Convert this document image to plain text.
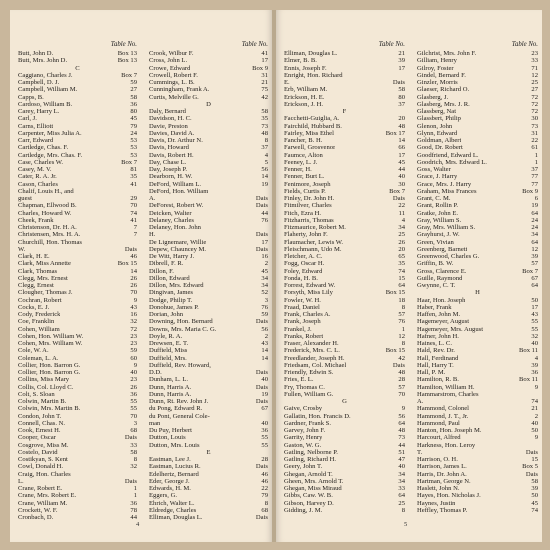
Table No.
Butt, John D.	Box 13
Butt, Mrs. John D.	Box 13
C
Caggiano, Charles J.	Box 7
Campbell, D. J.	59
Campbell, William M.	27
Capps, B.	58
Cardoso, William B.	36
Carey, Harry L.	80
Carl, J.	45
Carns, Elliott	79
Carpenter, Miss Julia A.	24
Carr, Edward	53
Cartledge, Chas. F.	53
Cartledge, Mrs. Chas. F.	53
Case, Charles W.	Box 7
Casey, M. V.	81
Cater, R. A. Jr.	35
Cason, Charles	41
Chalif, Louis H., and
guest	29
Chapman, Ellwood B.	70
Charles, Howard W.	74
Cheek, Frank	41
Christenson, Dr. H. A.	7
Christensen, Mrs. H. A.	7
Churchill, Hon. Thomas
W.	Dais
Clark, H. E.	46
Clark, Miss Annette	Box 15
Clark, Thomas	14
Clegg, Mrs. Ernest	26
Clegg, Ernest	26
Clougher, Thomas J.	70
Cochran, Robert	9
Cocks, E. J.	43
Cody, Frederick	16
Coe, Franklin	32
Cohen, William	72
Cohen, Hon. William W.	23
Cohen, Mrs. William W.	23
Cole, W. A.	59
Coleman, L. A.	60
Collier, Hon. Barron G.	9
Collier, Hon. Barron G.	40
Collins, Miss Mary	23
Collis, Col. Lloyd C.	26
Colt, S. Sloan	36
Colwin, Martin B.	55
Colwin, Mrs. Martin B.	55
Condon, John T.	70
Connell, Chas. N.	3
Cook, Ernest H.	68
Cooper, Oscar	Dais
Cosgrove, Miss M.	33
Costelo, David	58
Costikyan, S. Kent	8
Cowl, Donald H.	32
Craig, Hon. Charles
L.	Dais
Crane, Robert E.	1
Crane, Mrs. Robert E.	1
Crane, William M.	36
Crockett, W. F.	78
Cronbach, D.	44
Table No.
Crook, Wilbur F.	41
Cross, John L.	17
Crowe, Edward	Box 9
Crowell, Robert F.	31
Cummings, L. B.	21
Cunningham, Frank A.	75
Curtis, Melville G.	42
D
Daly, Bernard	58
Davidson, H. C.	35
Davie, Preston	73
Davies, David A.	48
Davis, Dr. Arthur N.	8
Davis, Howard	37
Davis, Robert H.	4
Day, Chase L.	5
Day, Joseph P.	56
Dearborn, H. W.	14
DeFord, William L.	19
DeFord, Hon. William
A.	Dais
DeForest, Robert W.	Dais
Deicken, Walter	44
Delaney, Charles	76
Delaney, Hon. John
H.	Dais
De Lignemare, Willie	17
Depew, Chauncey M.	Dais
De Witt, Harry J.	16
Dibrell, F. R.	2
Dillon, F.	45
Dillon, Edward	34
Dillon, Mrs. Edward	34
Dingivan, James	52
Dodge, Philip T.	3
Donohue, James P.	76
Dorian, John	59
Downing, Hon. Bernard	Dais
Downs, Mrs. Maria C. G.	56
Doyle, R. A.	2
Drewsen, E. T.	43
Duffield, Miss	14
Duffield, Mrs.	14
Duffield, Rev. Howard,
D.D.	Dais
Dunham, L. L.	40
Dunn, Harris A.	Dais
Dunn, Harris A.	19
Dunn, Rt. Rev. John J.	Dais
du Pong, Edward R.	67
du Pont, General Cole-
man	40
Du Puy, Herbert	36
Dutton, Louis	55
Dutton, Mrs. Louis	55
E
Eastman, Lee J.	28
Eastman, Lucius R.	Dais
Edelhertz, Bernard	46
Eder, George J.	46
Edwards, H. M.	22
Eggers, G.	79
Ehrich, Walter L.	8
Eldredge, Charles	68
Elliman, Douglas L.	Dais
4
Table No.
Elliman, Douglas L.	21
Elmer, B. B.	39
Ennis, Joseph F.	17
Enright, Hon. Richard
E.	Dais
Erb, William M.	58
Erickson, H. E.	80
Erickson, J. H.	37
F
Facchetti-Guiglia, A.	20
Fairchild, Hubbard B.	48
Fairley, Miss Ethel	Box 17
Fancher, B. H.	14
Farwell, Grosvenor	66
Faumce, Alton	17
Feeney, L. J.	45
Fenner, H.	44
Fenner, Burt L.	40
Fenimore, Joseph	30
Fields, Curtis P.	Box 7
Finley, Dr. John H.	Dais
Fitmilver, Charles	22
Fitch, Ezra H.	11
Fitzharris, Thomas	4
Fitzmaurice, Robert M.	34
Flaherty, John F.	25
Flaumacher, Lewis W.	26
Fleischmann, Udo M.	20
Fletcher, A. C.	65
Fogg, Oscar H.	35
Foley, Edward	74
Fonda, H. B.	15
Forrest, Edward W.	64
Forsyth, Miss Lily	Box 15
Fowler, W. H.	18
Fraad, Daniel	8
Frank, Charles A.	57
Frank, Joseph	76
Frankel, J.	1
Franks, Robert	12
Fraser, Alexander H.	8
Frederick, Mrs. C. L.	Box 15
Freedlander, Joseph H.	42
Friedsam, Col. Michael	Dais
Friendly, Edwin S.	48
Fries, E. L.	28
Fry, Thomas C.	57
Fullen, William G.	70
G
Gaive, Crosby	9
Gallatin, Hon. Francis D.	56
Gardner, Frank S.	64
Garvey, John F.	48
Garrity, Henry	73
Gaston, W. G.	44
Gatling, Nelborne P.	51
Gatling, Richard H.	47
Geery, John T.	40
Ghegan, Arnold T.	34
Gheen, Mrs. Arnold T.	34
Ghegan, Miss Miraud	33
Gibbs, Caw. W. B.	64
Gibson, Harvey D.	25
Gidding, J. M.	8
Table No.
Gilchrist, Mrs. John F.	23
Gilliam, Henry	33
Gilroy, Foster	71
Gindel, Bernard F.	12
Ginzler, Morris	25
Glaeser, Richard O.	27
Glasberg, J.	72
Glasberg, Mrs. J. R.	72
Glassberg, Nat	72
Glassbert, Philip	30
Glenon, John	73
Glynn, Edward	31
Goldman, Albert	22
Good, Dr. Robert	61
Goodfriend, Edward L.	1
Goodrich, Mrs. Edward L.	1
Goss, Walter	37
Grace, J. Harry	77
Grace, Mrs. J. Harry	77
Graham, Miss Frances	Box 9
Grant, C. M.	6
Grant, Rollin P.	19
Gratke, John E.	64
Gray, William S.	24
Gray, Mrs. William S.	24
Grayhurst, J. W.	34
Green, Vivian	64
Greenberg, Barnett	12
Greenwood, Charles G.	39
Griffin, B. W.	57
Gross, Clarence E.	Box 7
Guille, Raymond	67
Gwynne, C. T.	64
H
Haar, Hon. Joseph	50
Haber, Frank	17
Haffen, John M.	43
Hagemeyer, August	55
Hagemeyer, Mrs. August	55
Hafner, John H.	32
Haines, L. C.	40
Hald, Rev. Dr.	Box 11
Hall, Ferdinand	4
Hall, Harry T.	39
Hall, P. M.	36
Hamilton, R. B.	Box 11
Hamilton, William H.	9
Hammarstrom, Charles
A.	74
Hammond, Colonel	21
Hammond, J. T., Jr.	2
Hammond, Paul	40
Hanton, Hon. Joseph M.	50
Harcourt, Alfred	9
Harkness, Hon. Leroy
T.	Dais
Harrison, O. H.	15
Harrison, James L.	Box 5
Harris, Dr. John A.	Dais
Hartman, George N.	58
Haslett, John N.	39
Hayes, Hon. Nicholas J.	50
Haynes, Justin	45
Heffley, Thomas P.	74
5
